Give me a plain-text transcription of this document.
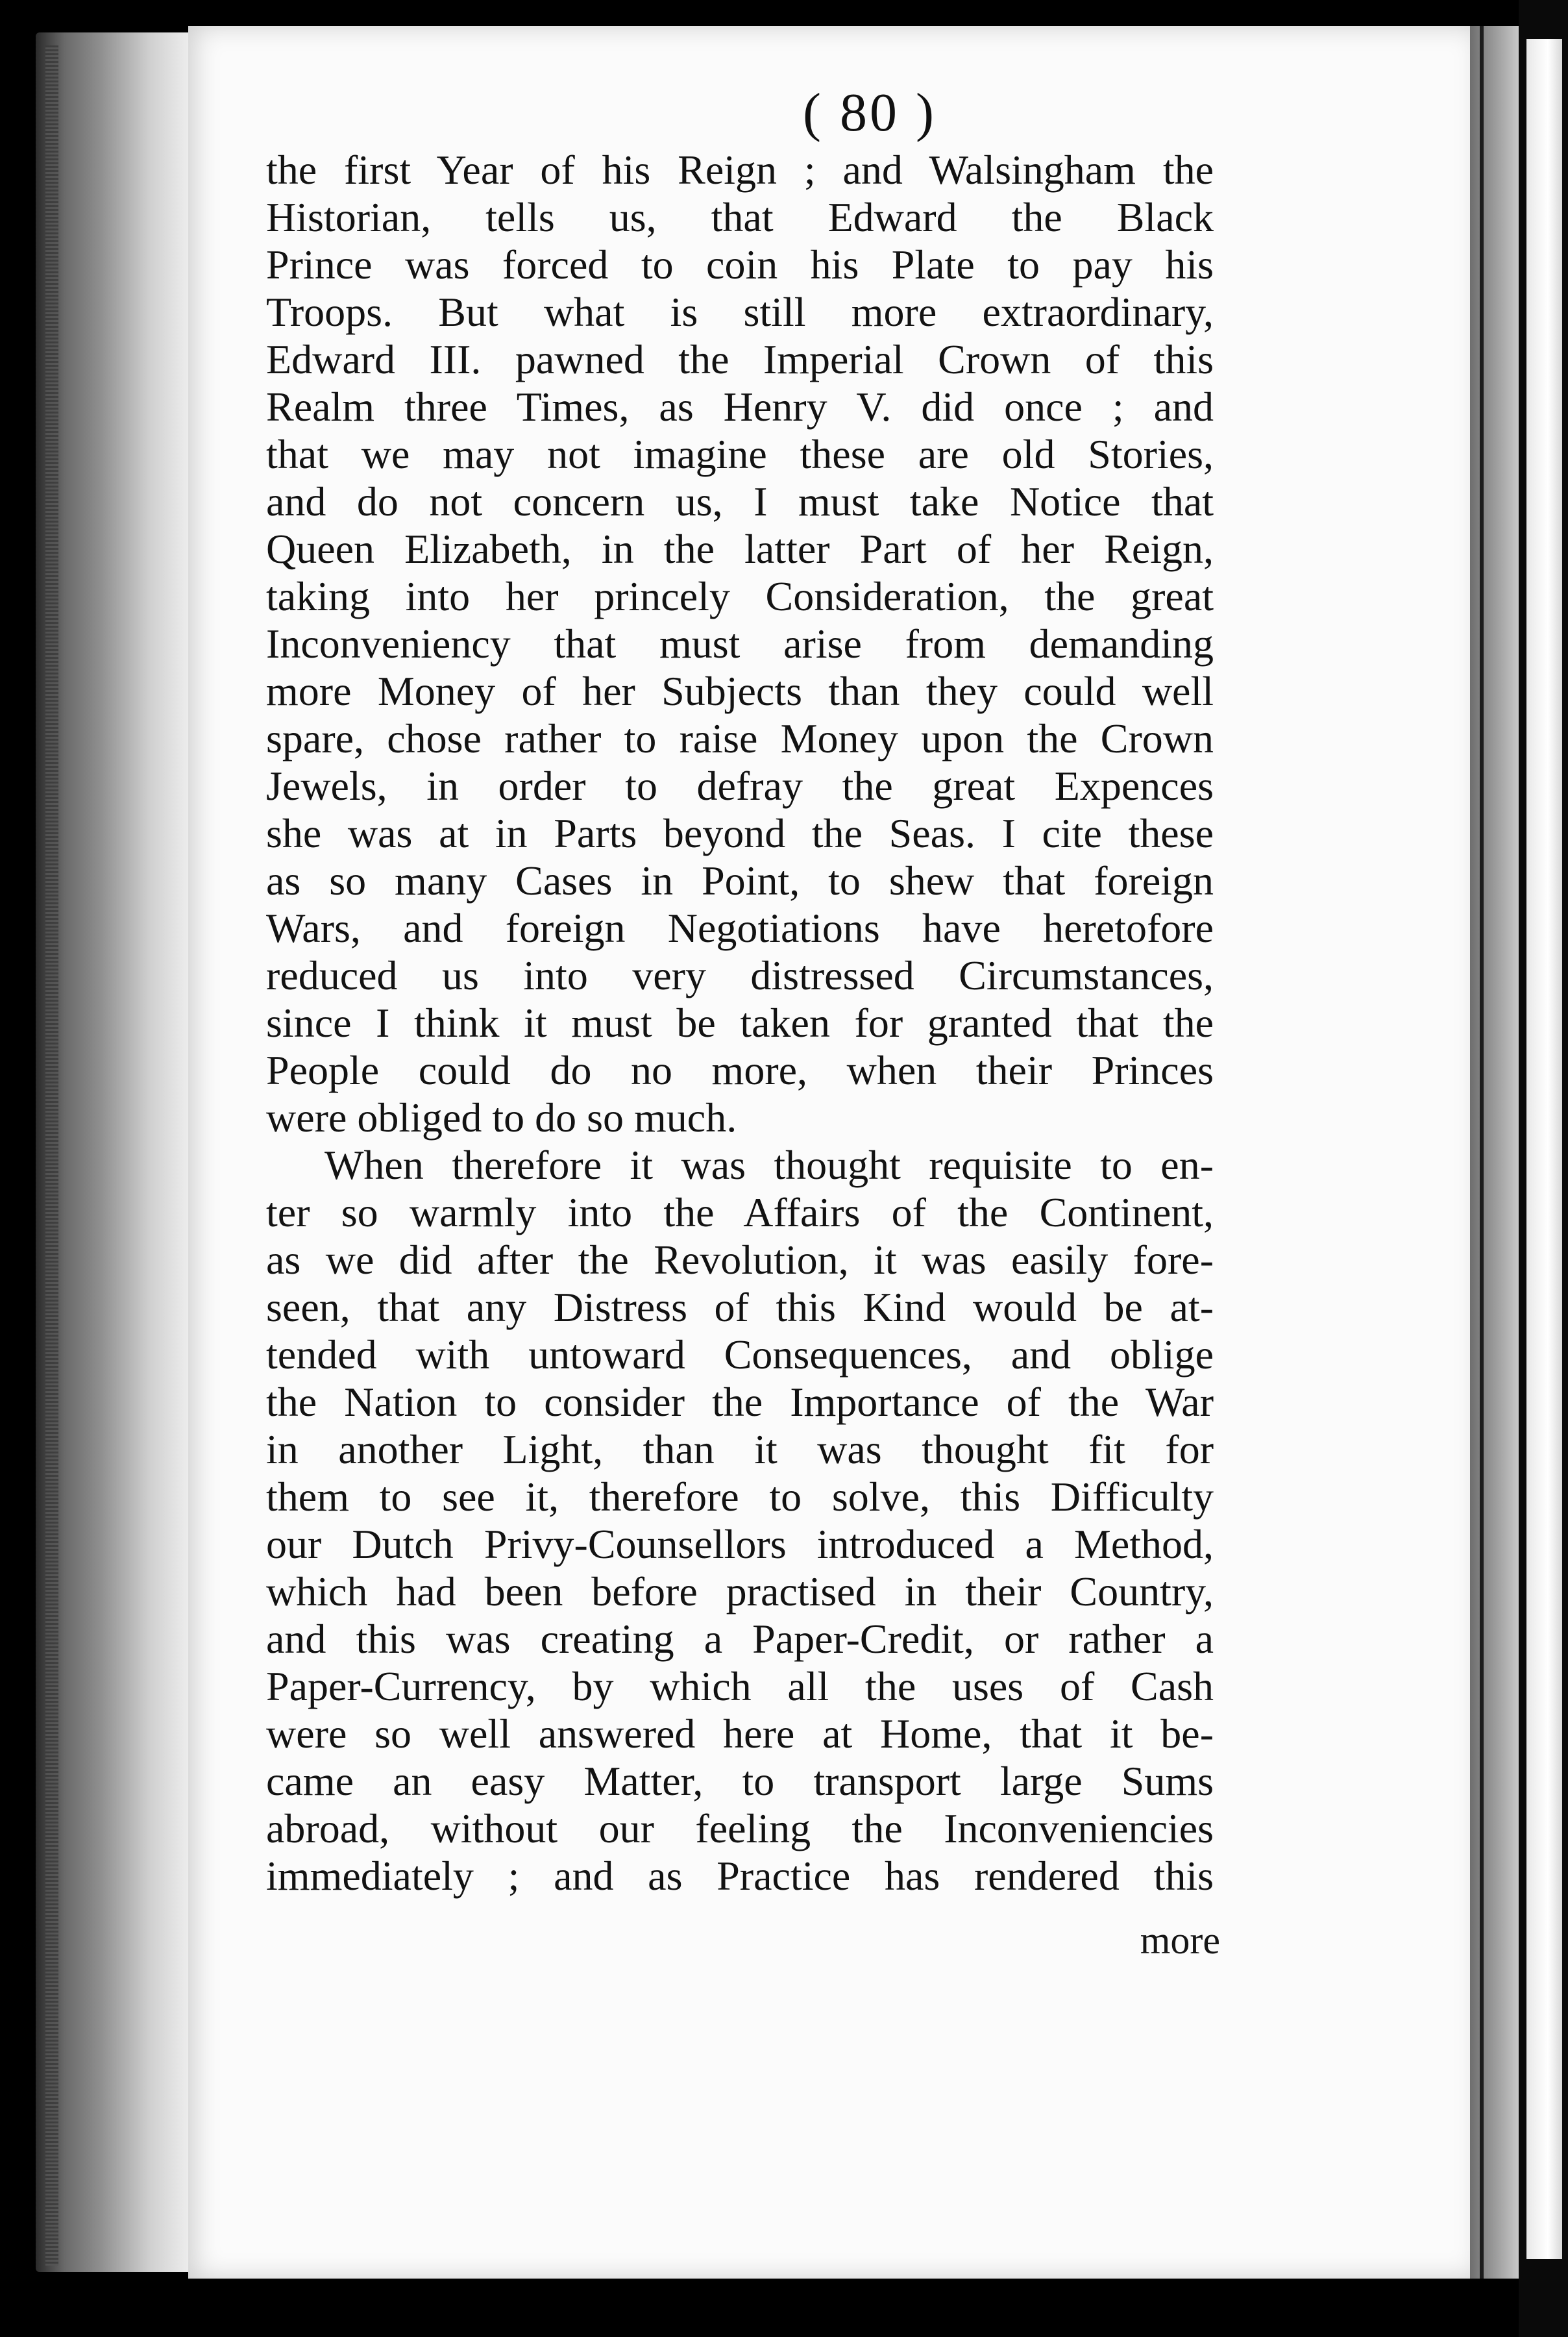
( 80 )
the first Year of his Reign ; and Walsingham the
Historian, tells us, that Edward the Black
Prince was forced to coin his Plate to pay his
Troops. But what is still more extraordinary,
Edward III. pawned the Imperial Crown of this
Realm three Times, as Henry V. did once ; and
that we may not imagine these are old Stories,
and do not concern us, I must take Notice that
Queen Elizabeth, in the latter Part of her Reign,
taking into her princely Consideration, the great
Inconveniency that must arise from demanding
more Money of her Subjects than they could well
spare, chose rather to raise Money upon the Crown
Jewels, in order to defray the great Expences
she was at in Parts beyond the Seas. I cite these
as so many Cases in Point, to shew that foreign
Wars, and foreign Negotiations have heretofore
reduced us into very distressed Circumstances,
since I think it must be taken for granted that the
People could do no more, when their Princes
were obliged to do so much.
When therefore it was thought requisite to en-
ter so warmly into the Affairs of the Continent,
as we did after the Revolution, it was easily fore-
seen, that any Distress of this Kind would be at-
tended with untoward Consequences, and oblige
the Nation to consider the Importance of the War
in another Light, than it was thought fit for
them to see it, therefore to solve, this Difficulty
our Dutch Privy-Counsellors introduced a Method,
which had been before practised in their Country,
and this was creating a Paper-Credit, or rather a
Paper-Currency, by which all the uses of Cash
were so well answered here at Home, that it be-
came an easy Matter, to transport large Sums
abroad, without our feeling the Inconveniencies
immediately ; and as Practice has rendered this
more
